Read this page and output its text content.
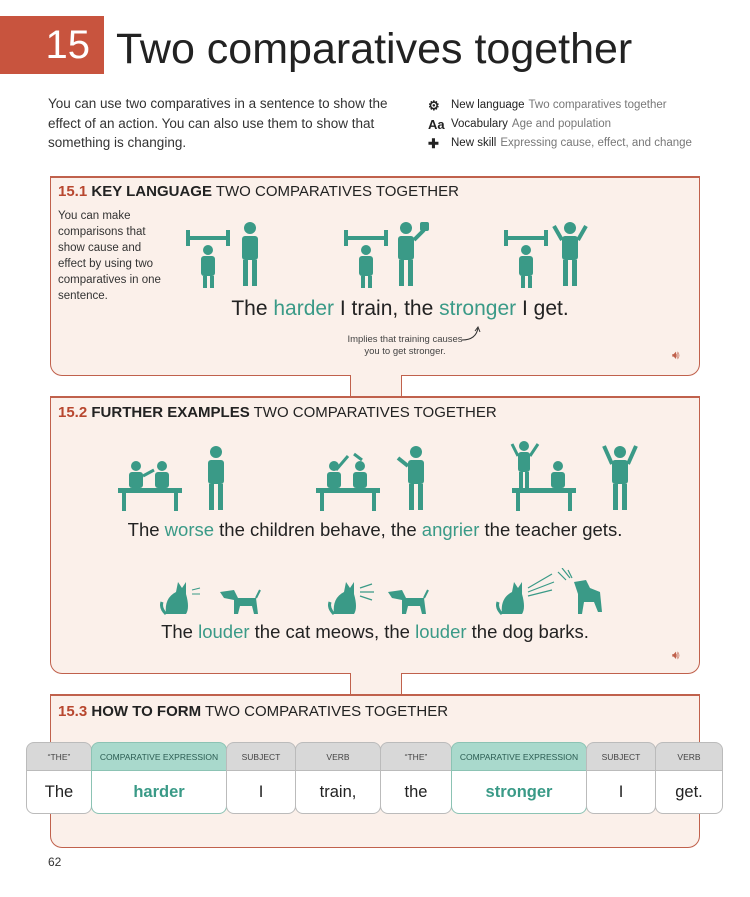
15 Two comparatives together
You can use two comparatives in a sentence to show the effect of an action. You can also use them to show that something is changing.
⚙ New language Two comparatives together
Aa Vocabulary Age and population
✚	New skill Expressing cause, effect, and change
15.1 KEY LANGUAGE TWO COMPARATIVES TOGETHER
You can make comparisons that show cause and effect by using two comparatives in one sentence.
The harder I train, the stronger I get.
Implies that training causes you to get stronger.	🔊︎
15.2 FURTHER EXAMPLES TWO COMPARATIVES TOGETHER
The worse the children behave, the angrier the teacher gets.
The louder the cat meows, the louder the dog barks.
🔊︎
15.3 HOW TO FORM TWO COMPARATIVES TOGETHER
“THE”
The
COMPARATIVE EXPRESSION
harder
SUBJECT
I
VERB
train,
“THE”
the
COMPARATIVE EXPRESSION
stronger
SUBJECT
I
VERB
get.
62
